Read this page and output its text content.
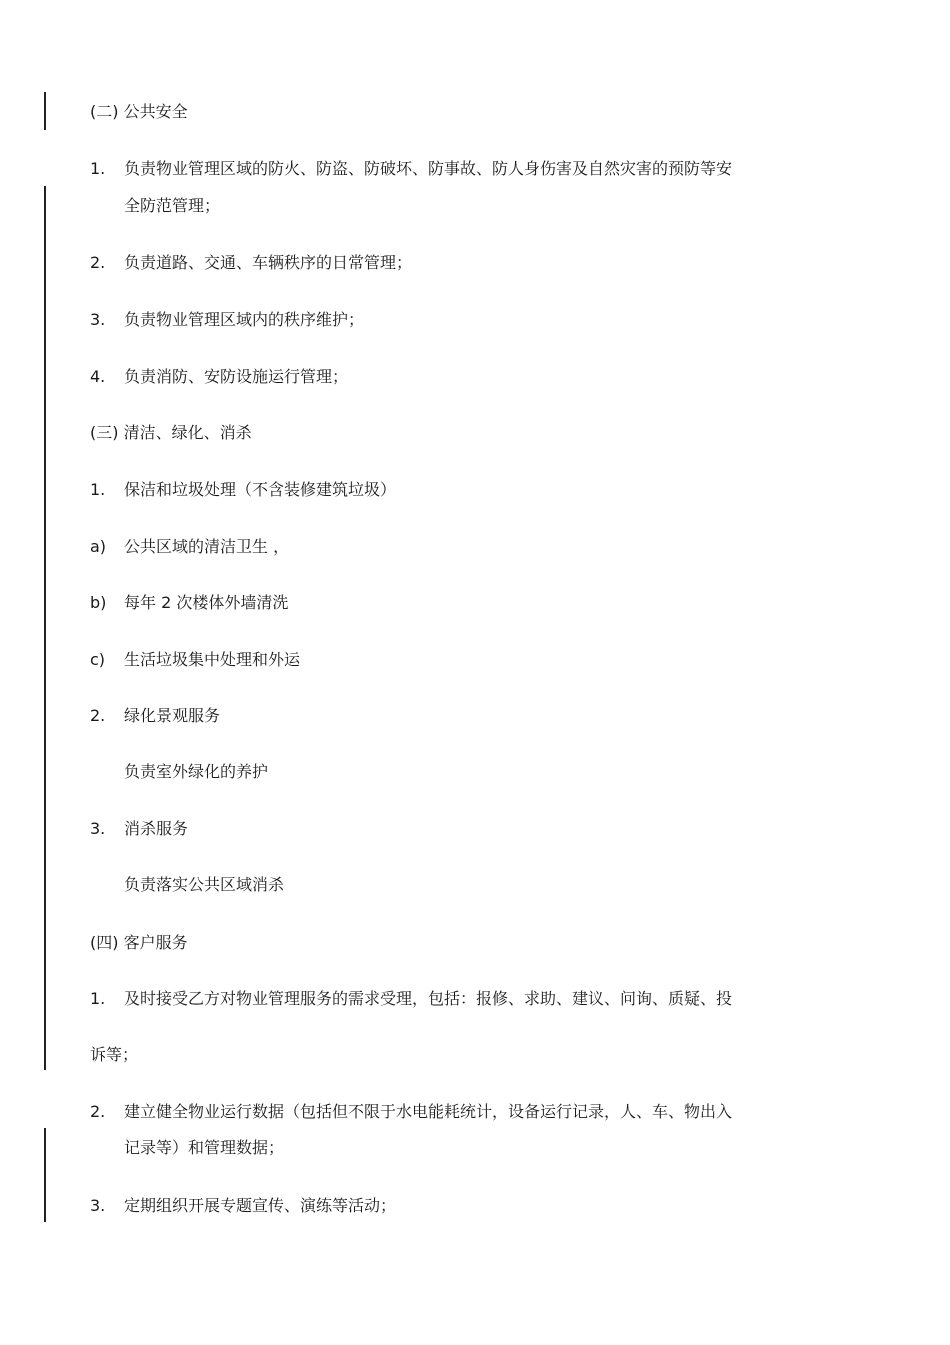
(二) 公共安全
1. 负责物业管理区域的防火、防盗、防破坏、防事故、防人身伤害及自然灾害的预防等安
全防范管理；
2. 负责道路、交通、车辆秩序的日常管理；
3. 负责物业管理区域内的秩序维护；
4. 负责消防、安防设施运行管理；
(三) 清洁、绿化、消杀
1. 保洁和垃圾处理（不含装修建筑垃圾）
a) 公共区域的清洁卫生 ，
b) 每年 2 次楼体外墙清洗
c) 生活垃圾集中处理和外运
2. 绿化景观服务
负责室外绿化的养护
3. 消杀服务
负责落实公共区域消杀
(四) 客户服务
1. 及时接受乙方对物业管理服务的需求受理，包括：报修、求助、建议、问询、质疑、投
诉等；
2. 建立健全物业运行数据（包括但不限于水电能耗统计，设备运行记录，人、车、物出入
记录等）和管理数据；
3. 定期组织开展专题宣传、演练等活动；
